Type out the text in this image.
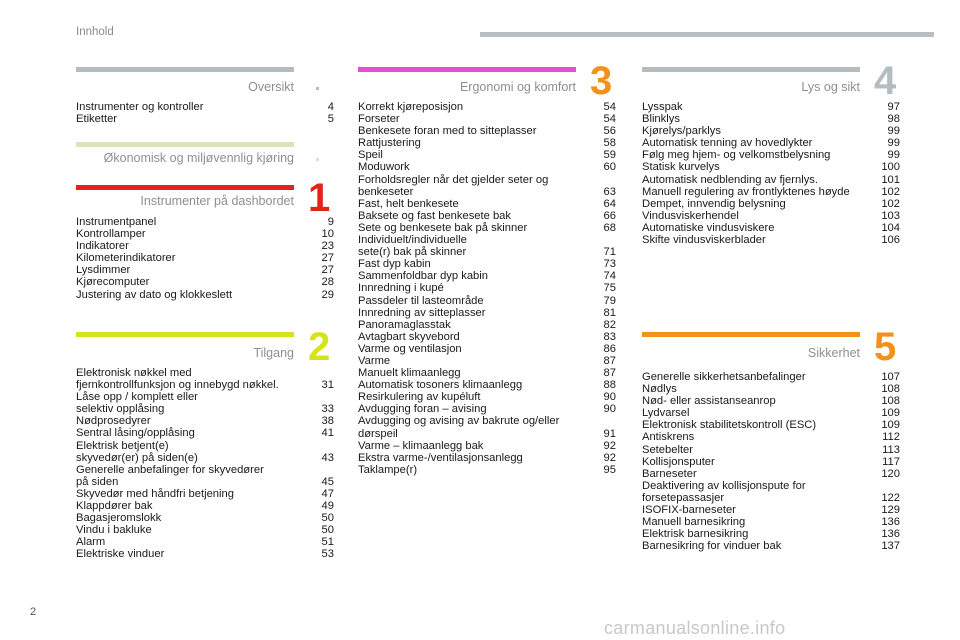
Innhold
Oversikt
Instrumenter og kontroller	4
Etiketter	5
Økonomisk og miljøvennlig kjøring
Instrumenter på dashbordet 1
Instrumentpanel	9
Kontrollamper	10
Indikatorer	23
Kilometerindikatorer	27
Lysdimmer	27
Kjørecomputer	28
Justering av dato og klokkeslett	29
Tilgang 2
Elektronisk nøkkel med
fjernkontrollfunksjon og innebygd nøkkel.	31
Låse opp / komplett eller
selektiv opplåsing	33
Nødprosedyrer	38
Sentral låsing/opplåsing	41
Elektrisk betjent(e)
skyvedør(er) på siden(e)	43
Generelle anbefalinger for skyvedører
på siden	45
Skyvedør med håndfri betjening	47
Klappdører bak	49
Bagasjeromslokk	50
Vindu i bakluke	50
Alarm	51
Elektriske vinduer	53
Ergonomi og komfort 3
Korrekt kjøreposisjon	54
Forseter	54
Benkesete foran med to sitteplasser	56
Rattjustering	58
Speil	59
Moduwork	60
Forholdsregler når det gjelder seter og
benkeseter	63
Fast, helt benkesete	64
Baksete og fast benkesete bak	66
Sete og benkesete bak på skinner	68
Individuelt/individuelle
sete(r) bak på skinner	71
Fast dyp kabin	73
Sammenfoldbar dyp kabin	74
Innredning i kupé	75
Passdeler til lasteområde	79
Innredning av sitteplasser	81
Panoramaglasstak	82
Avtagbart skyvebord	83
Varme og ventilasjon	86
Varme	87
Manuelt klimaanlegg	87
Automatisk tosoners klimaanlegg	88
Resirkulering av kupéluft	90
Avdugging foran – avising	90
Avdugging og avising av bakrute og/eller
dørspeil	91
Varme – klimaanlegg bak	92
Ekstra varme-/ventilasjonsanlegg	92
Taklampe(r)	95
Lys og sikt 4
Lysspak	97
Blinklys	98
Kjørelys/parklys	99
Automatisk tenning av hovedlykter	99
Følg meg hjem- og velkomstbelysning	99
Statisk kurvelys	100
Automatisk nedblending av fjernlys.	101
Manuell regulering av frontlyktenes høyde	102
Dempet, innvendig belysning	102
Vindusviskerhendel	103
Automatiske vindusviskere	104
Skifte vindusviskerblader	106
Sikkerhet 5
Generelle sikkerhetsanbefalinger	107
Nødlys	108
Nød- eller assistanseanrop	108
Lydvarsel	109
Elektronisk stabilitetskontroll (ESC)	109
Antiskrens	112
Setebelter	113
Kollisjonsputer	117
Barneseter	120
Deaktivering av kollisjonspute for
forsetepassasjer	122
ISOFIX-barneseter	129
Manuell barnesikring	136
Elektrisk barnesikring	136
Barnesikring for vinduer bak	137
2
carmanualsonline.info
